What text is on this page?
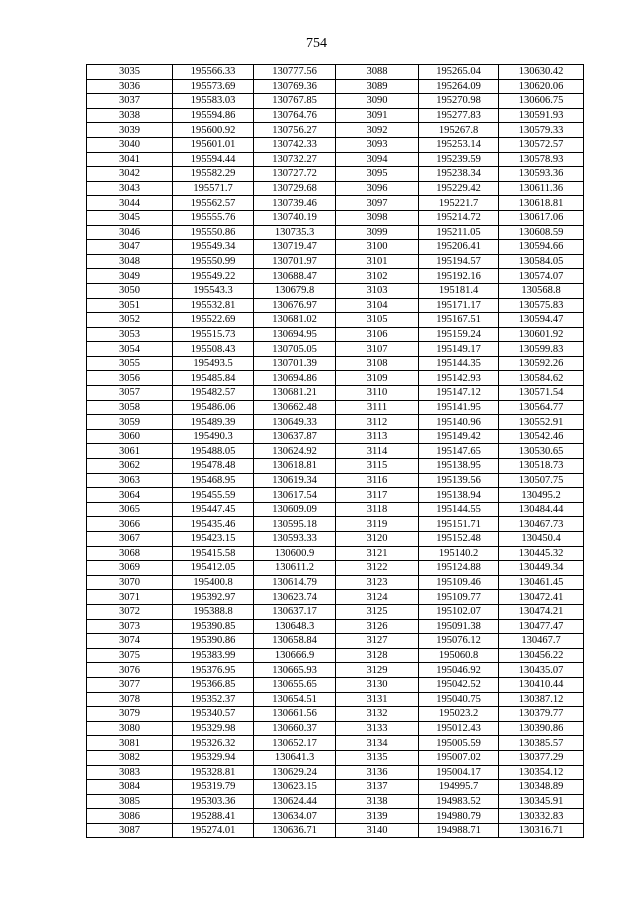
754
3035	195566.33	130777.56	3088	195265.04	130630.42
3036	195573.69	130769.36	3089	195264.09	130620.06
3037	195583.03	130767.85	3090	195270.98	130606.75
3038	195594.86	130764.76	3091	195277.83	130591.93
3039	195600.92	130756.27	3092	195267.8	130579.33
3040	195601.01	130742.33	3093	195253.14	130572.57
3041	195594.44	130732.27	3094	195239.59	130578.93
3042	195582.29	130727.72	3095	195238.34	130593.36
3043	195571.7	130729.68	3096	195229.42	130611.36
3044	195562.57	130739.46	3097	195221.7	130618.81
3045	195555.76	130740.19	3098	195214.72	130617.06
3046	195550.86	130735.3	3099	195211.05	130608.59
3047	195549.34	130719.47	3100	195206.41	130594.66
3048	195550.99	130701.97	3101	195194.57	130584.05
3049	195549.22	130688.47	3102	195192.16	130574.07
3050	195543.3	130679.8	3103	195181.4	130568.8
3051	195532.81	130676.97	3104	195171.17	130575.83
3052	195522.69	130681.02	3105	195167.51	130594.47
3053	195515.73	130694.95	3106	195159.24	130601.92
3054	195508.43	130705.05	3107	195149.17	130599.83
3055	195493.5	130701.39	3108	195144.35	130592.26
3056	195485.84	130694.86	3109	195142.93	130584.62
3057	195482.57	130681.21	3110	195147.12	130571.54
3058	195486.06	130662.48	3111	195141.95	130564.77
3059	195489.39	130649.33	3112	195140.96	130552.91
3060	195490.3	130637.87	3113	195149.42	130542.46
3061	195488.05	130624.92	3114	195147.65	130530.65
3062	195478.48	130618.81	3115	195138.95	130518.73
3063	195468.95	130619.34	3116	195139.56	130507.75
3064	195455.59	130617.54	3117	195138.94	130495.2
3065	195447.45	130609.09	3118	195144.55	130484.44
3066	195435.46	130595.18	3119	195151.71	130467.73
3067	195423.15	130593.33	3120	195152.48	130450.4
3068	195415.58	130600.9	3121	195140.2	130445.32
3069	195412.05	130611.2	3122	195124.88	130449.34
3070	195400.8	130614.79	3123	195109.46	130461.45
3071	195392.97	130623.74	3124	195109.77	130472.41
3072	195388.8	130637.17	3125	195102.07	130474.21
3073	195390.85	130648.3	3126	195091.38	130477.47
3074	195390.86	130658.84	3127	195076.12	130467.7
3075	195383.99	130666.9	3128	195060.8	130456.22
3076	195376.95	130665.93	3129	195046.92	130435.07
3077	195366.85	130655.65	3130	195042.52	130410.44
3078	195352.37	130654.51	3131	195040.75	130387.12
3079	195340.57	130661.56	3132	195023.2	130379.77
3080	195329.98	130660.37	3133	195012.43	130390.86
3081	195326.32	130652.17	3134	195005.59	130385.57
3082	195329.94	130641.3	3135	195007.02	130377.29
3083	195328.81	130629.24	3136	195004.17	130354.12
3084	195319.79	130623.15	3137	194995.7	130348.89
3085	195303.36	130624.44	3138	194983.52	130345.91
3086	195288.41	130634.07	3139	194980.79	130332.83
3087	195274.01	130636.71	3140	194988.71	130316.71
